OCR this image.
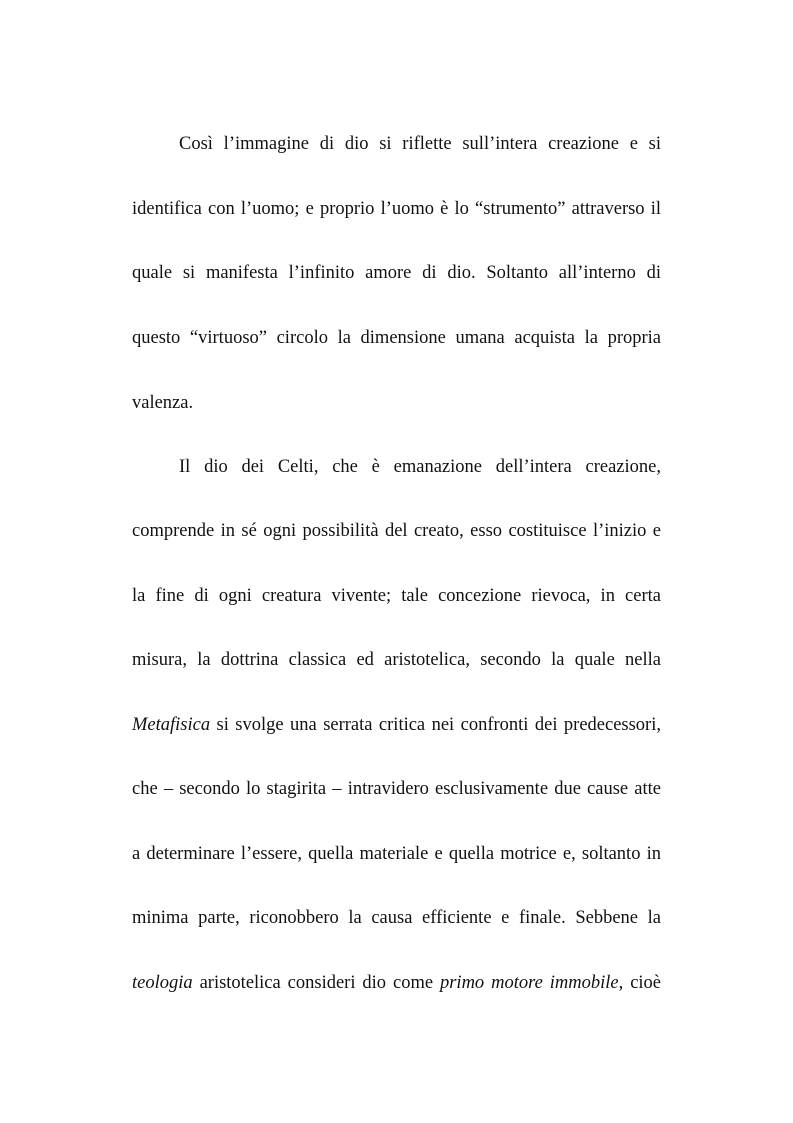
Così l’immagine di dio si riflette sull’intera creazione e si

identifica con l’uomo; e proprio l’uomo è lo “strumento” attraverso il

quale si manifesta l’infinito amore di dio. Soltanto all’interno di

questo “virtuoso” circolo la dimensione umana acquista la propria

valenza.

Il dio dei Celti, che è emanazione dell’intera creazione,

comprende in sé ogni possibilità del creato, esso costituisce l’inizio e

la fine di ogni creatura vivente; tale concezione rievoca, in certa

misura, la dottrina classica ed aristotelica, secondo la quale nella

Metafisica si svolge una serrata critica nei confronti dei predecessori,

che – secondo lo stagirita – intravidero esclusivamente due cause atte

a determinare l’essere, quella materiale e quella motrice e, soltanto in

minima parte, riconobbero la causa efficiente e finale. Sebbene la

teologia aristotelica consideri dio come primo motore immobile, cioè
